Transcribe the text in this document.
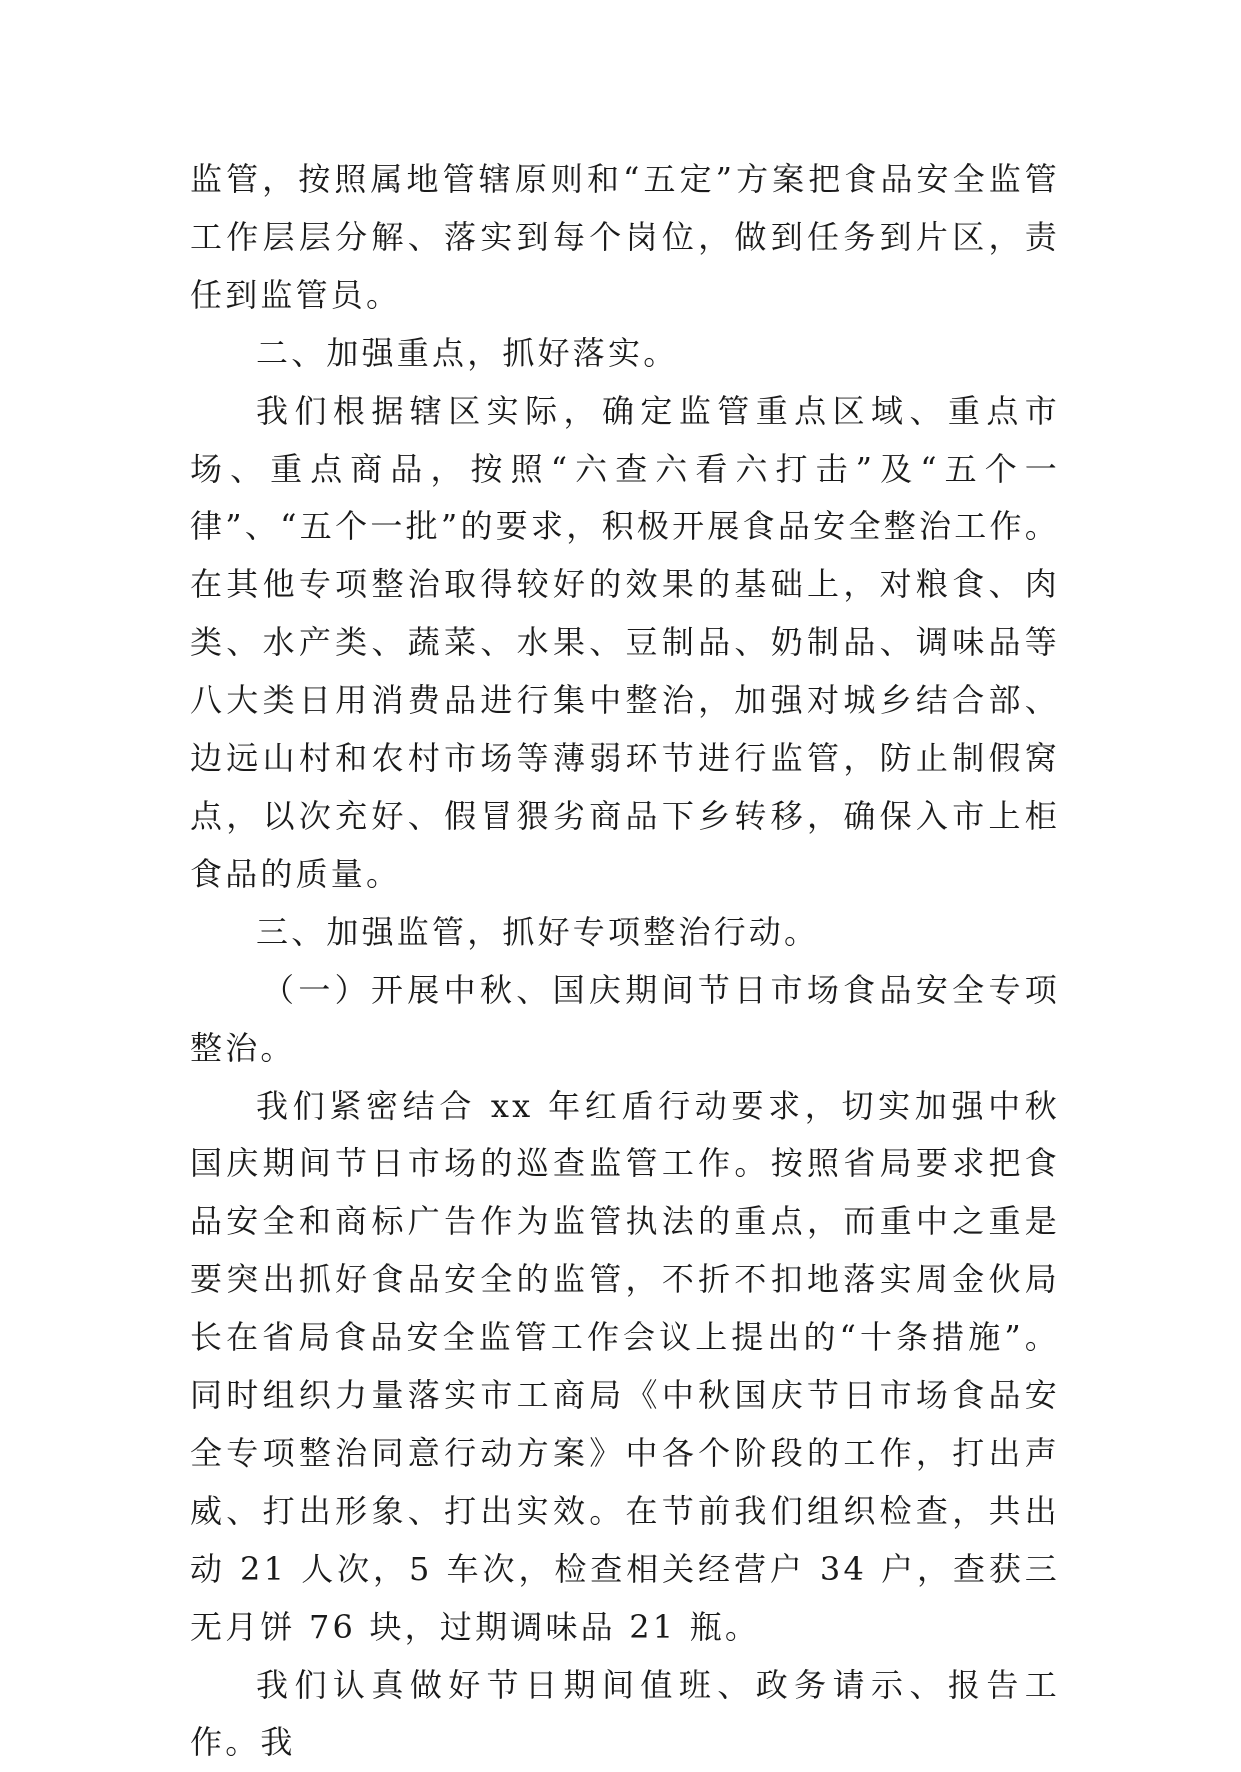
监管，按照属地管辖原则和“五定”方案把食品安全监管工作层层分解、落实到每个岗位，做到任务到片区，责任到监管员。

二、加强重点，抓好落实。

我们根据辖区实际，确定监管重点区域、重点市场、重点商品，按照“六查六看六打击”及“五个一律”、“五个一批”的要求，积极开展食品安全整治工作。在其他专项整治取得较好的效果的基础上，对粮食、肉类、水产类、蔬菜、水果、豆制品、奶制品、调味品等八大类日用消费品进行集中整治，加强对城乡结合部、边远山村和农村市场等薄弱环节进行监管，防止制假窝点，以次充好、假冒猥劣商品下乡转移，确保入市上柜食品的质量。

三、加强监管，抓好专项整治行动。

（一）开展中秋、国庆期间节日市场食品安全专项整治。

我们紧密结合 xx 年红盾行动要求，切实加强中秋国庆期间节日市场的巡查监管工作。按照省局要求把食品安全和商标广告作为监管执法的重点，而重中之重是要突出抓好食品安全的监管，不折不扣地落实周金伙局长在省局食品安全监管工作会议上提出的“十条措施”。同时组织力量落实市工商局《中秋国庆节日市场食品安全专项整治同意行动方案》中各个阶段的工作，打出声威、打出形象、打出实效。在节前我们组织检查，共出动 21 人次，5 车次，检查相关经营户 34 户，查获三无月饼 76 块，过期调味品 21 瓶。

我们认真做好节日期间值班、政务请示、报告工作。我
